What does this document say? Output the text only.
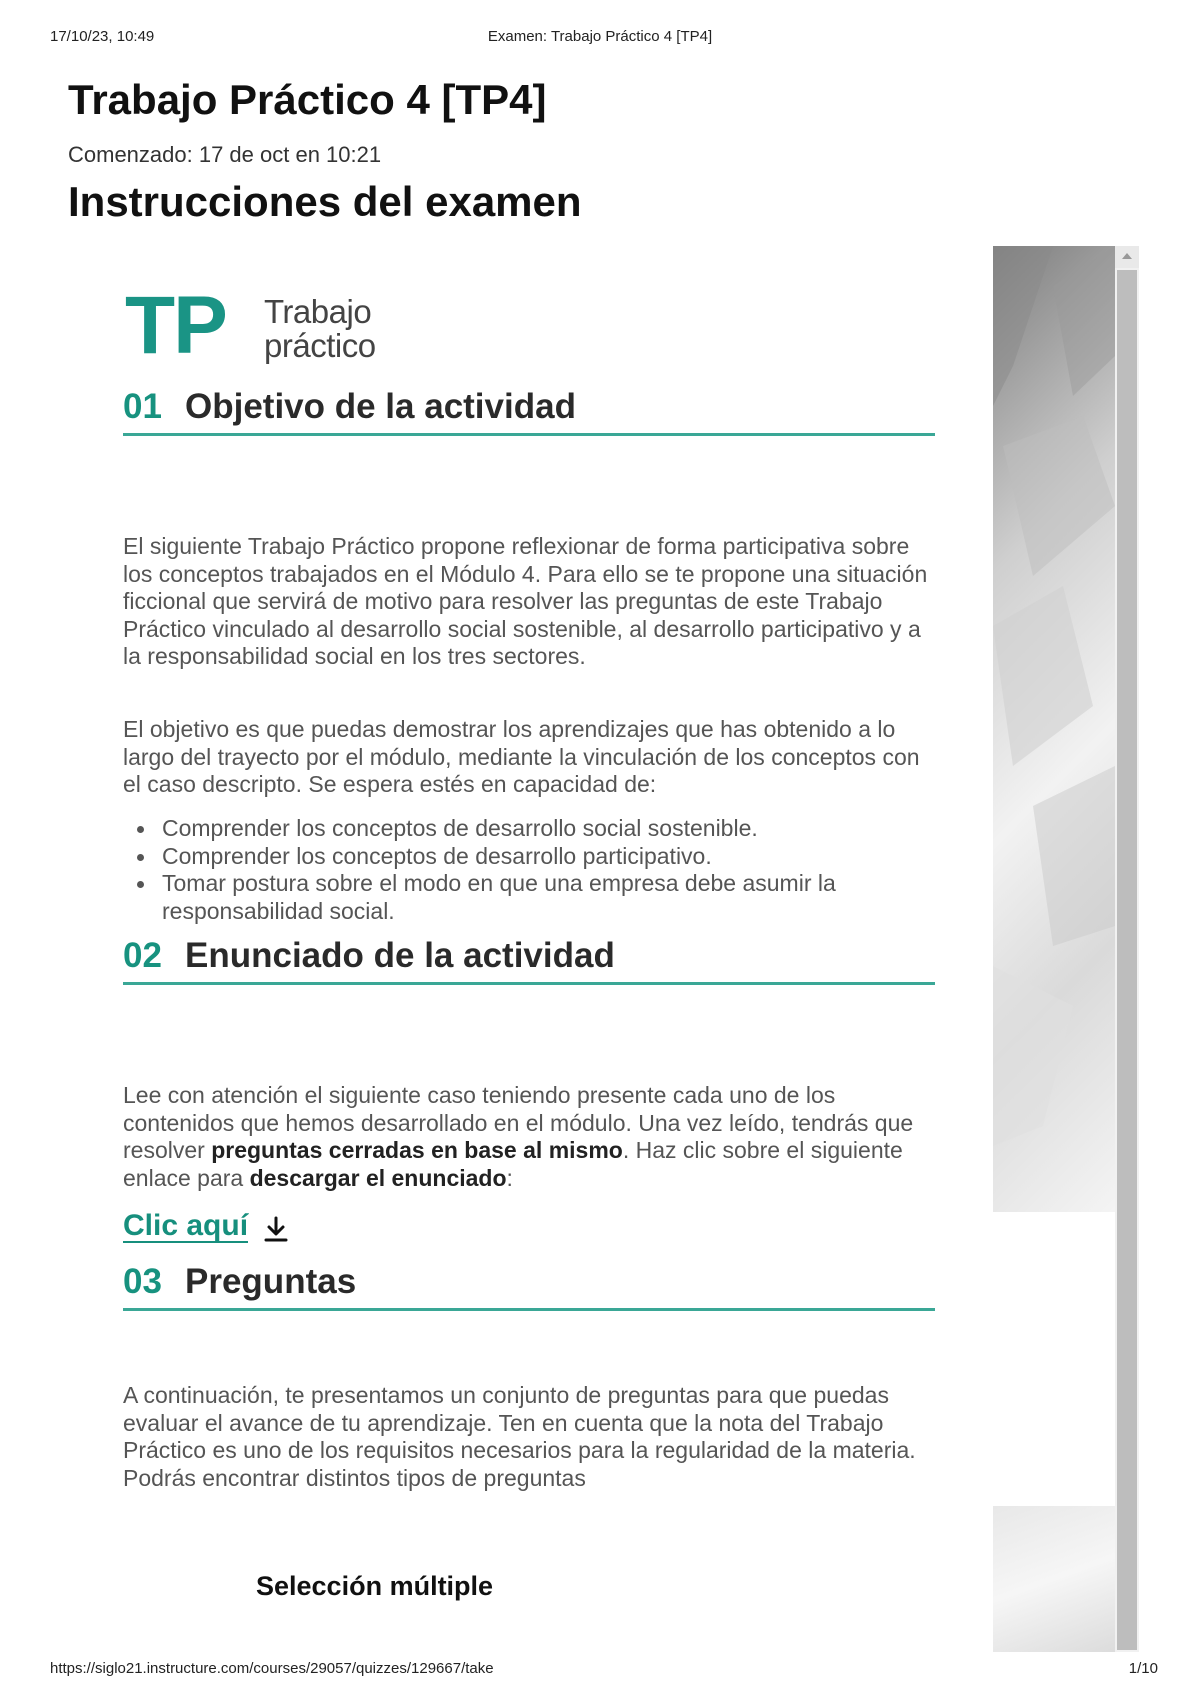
17/10/23, 10:49	Examen: Trabajo Práctico 4 [TP4]
Trabajo Práctico 4 [TP4]
Comenzado: 17 de oct en 10:21
Instrucciones del examen
TP Trabajo
práctico
01 Objetivo de la actividad

El siguiente Trabajo Práctico propone reflexionar de forma participativa sobre los conceptos trabajados en el Módulo 4. Para ello se te propone una situación ficcional que servirá de motivo para resolver las preguntas de este Trabajo Práctico vinculado al desarrollo social sostenible, al desarrollo participativo y a la responsabilidad social en los tres sectores.

El objetivo es que puedas demostrar los aprendizajes que has obtenido a lo largo del trayecto por el módulo, mediante la vinculación de los conceptos con el caso descripto. Se espera estés en capacidad de:

Comprender los conceptos de desarrollo social sostenible.
Comprender los conceptos de desarrollo participativo.
Tomar postura sobre el modo en que una empresa debe asumir la responsabilidad social.
02 Enunciado de la actividad

Lee con atención el siguiente caso teniendo presente cada uno de los contenidos que hemos desarrollado en el módulo. Una vez leído, tendrás que resolver preguntas cerradas en base al mismo. Haz clic sobre el siguiente enlace para descargar el enunciado:

Clic aquí
03 Preguntas

A continuación, te presentamos un conjunto de preguntas para que puedas evaluar el avance de tu aprendizaje. Ten en cuenta que la nota del Trabajo Práctico es uno de los requisitos necesarios para la regularidad de la materia. Podrás encontrar distintos tipos de preguntas

Selección múltiple
https://siglo21.instructure.com/courses/29057/quizzes/129667/take	1/10
